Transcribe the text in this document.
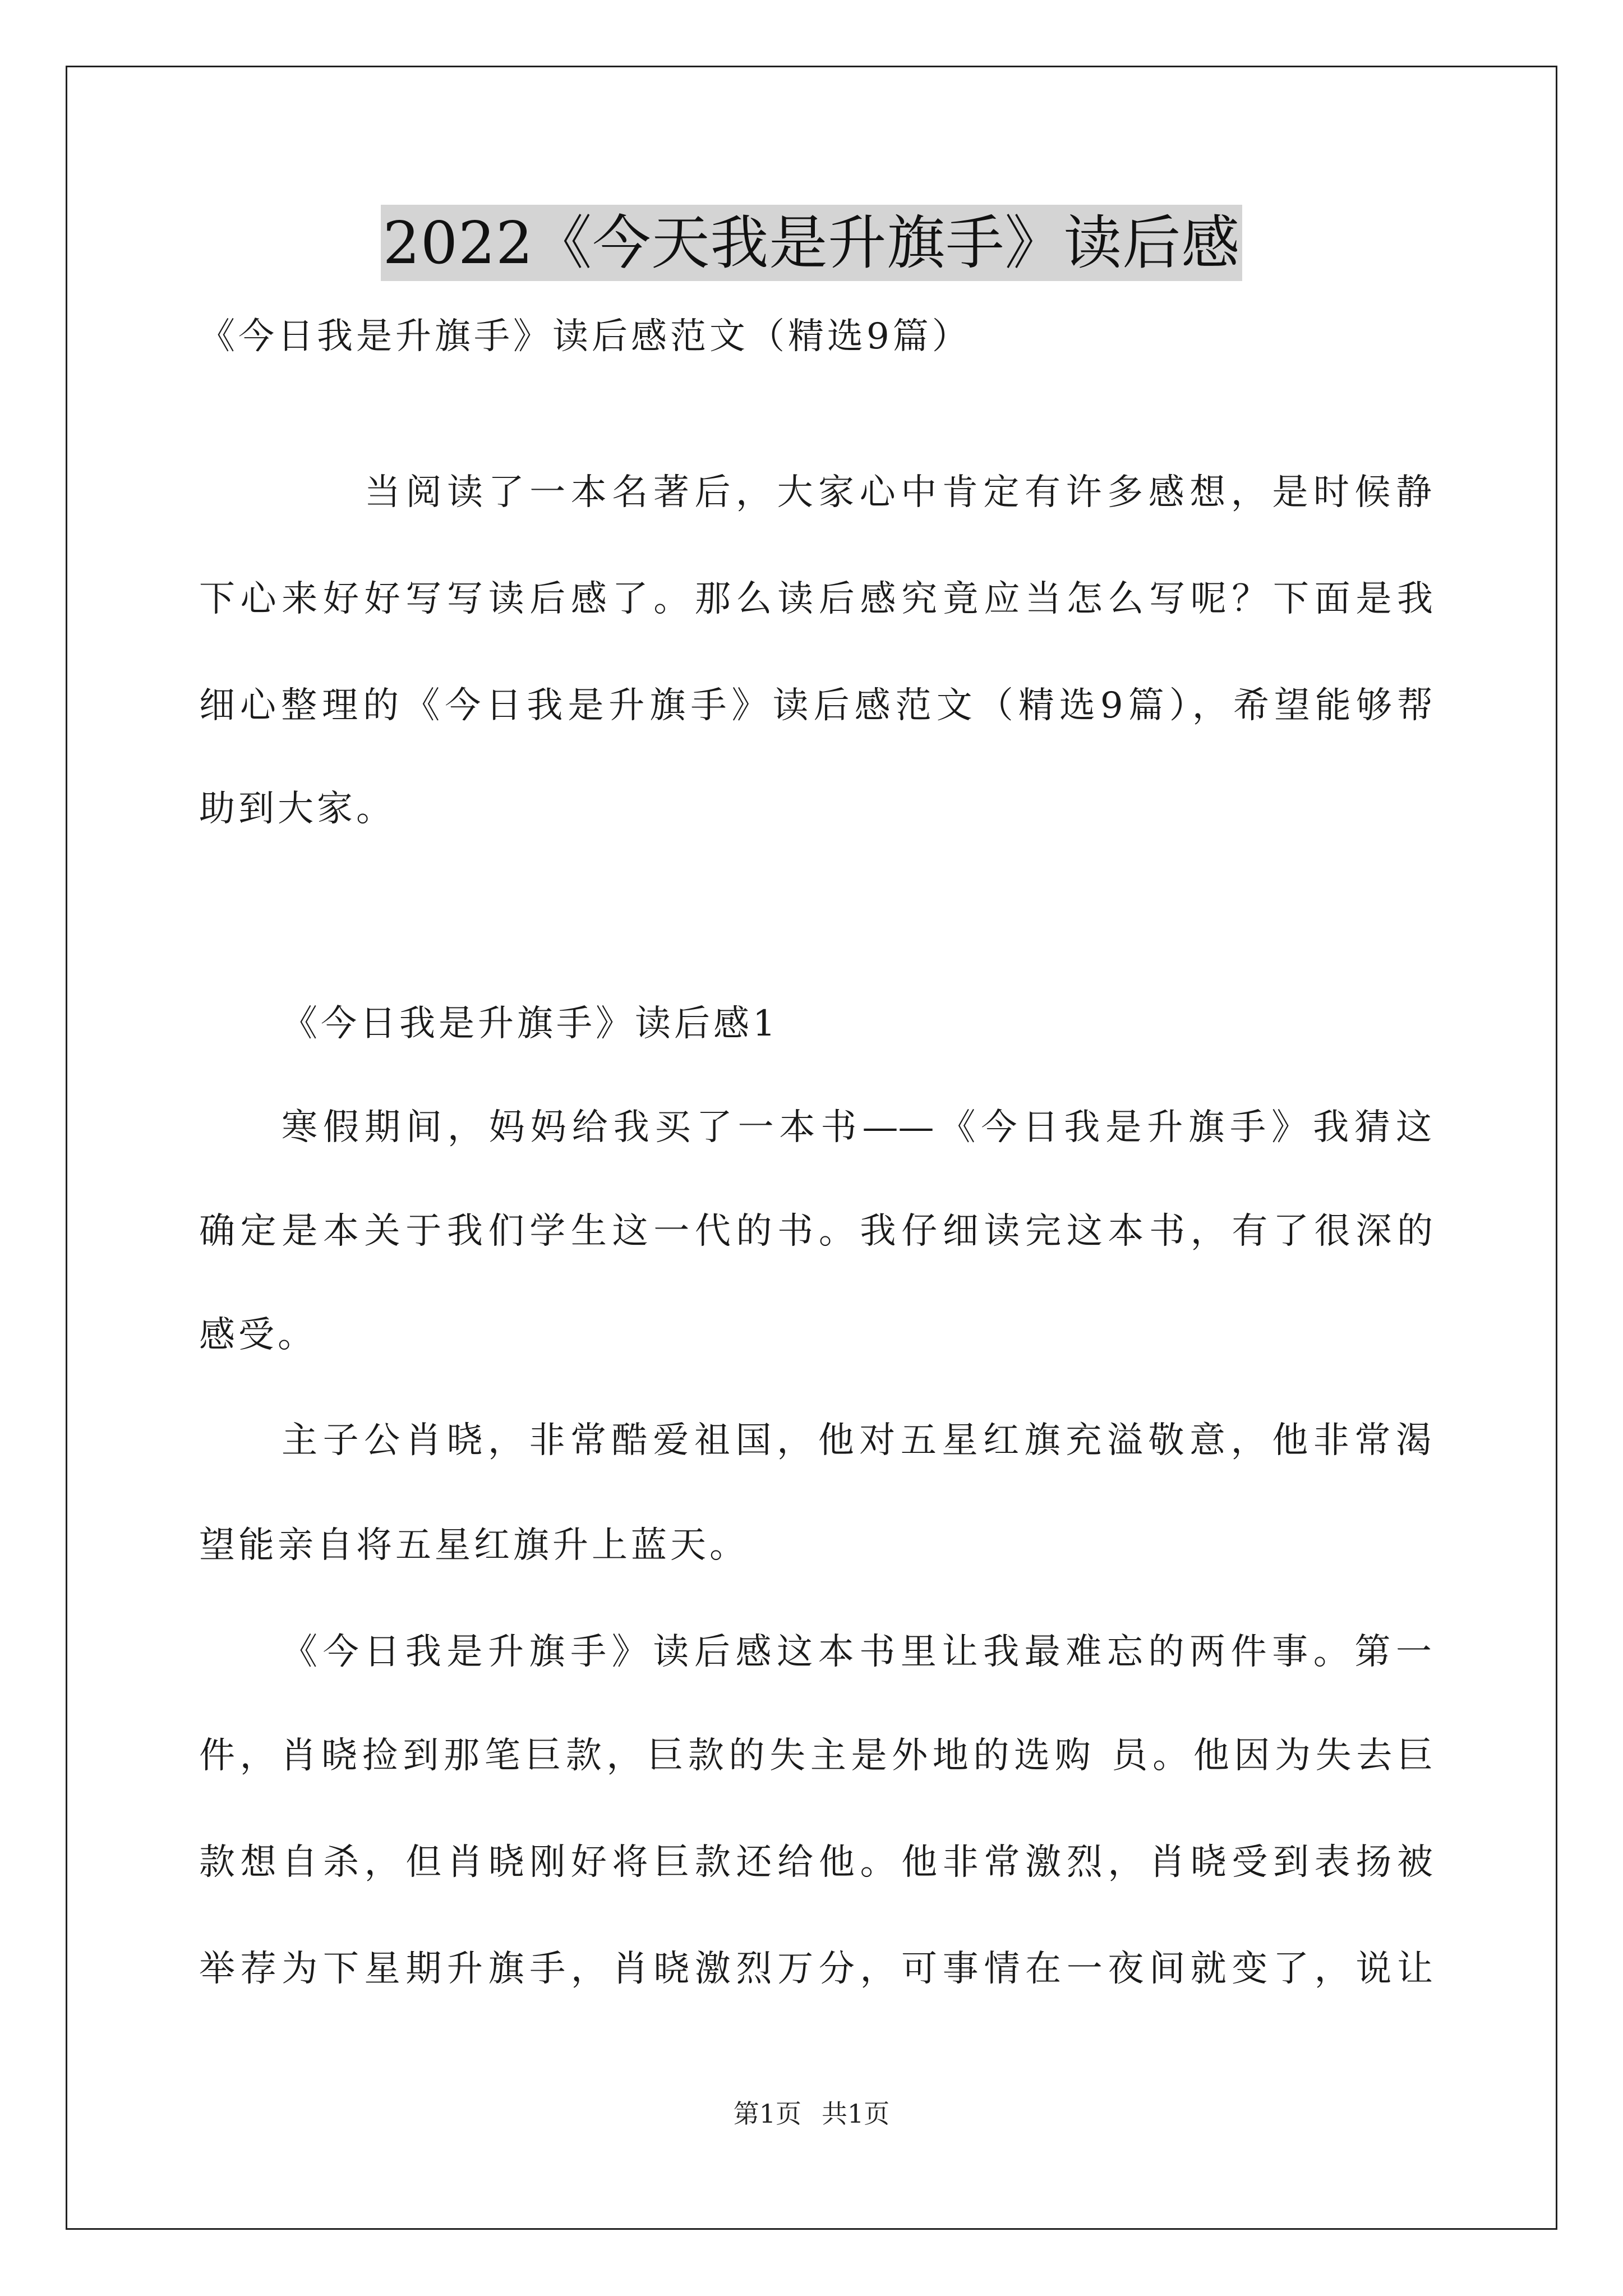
2022《今天我是升旗手》读后感
《今日我是升旗手》读后感范文（精选9篇）
当阅读了一本名著后，大家心中肯定有许多感想，是时候静
下心来好好写写读后感了。那么读后感究竟应当怎么写呢？下面是我
细心整理的《今日我是升旗手》读后感范文（精选9篇），希望能够帮
助到大家。
《今日我是升旗手》读后感1
寒假期间，妈妈给我买了一本书——《今日我是升旗手》我猜这
确定是本关于我们学生这一代的书。我仔细读完这本书，有了很深的
感受。
主子公肖晓，非常酷爱祖国，他对五星红旗充溢敬意，他非常渴
望能亲自将五星红旗升上蓝天。
《今日我是升旗手》读后感这本书里让我最难忘的两件事。第一
件，肖晓捡到那笔巨款，巨款的失主是外地的选购 员。他因为失去巨
款想自杀，但肖晓刚好将巨款还给他。他非常激烈，肖晓受到表扬被
举荐为下星期升旗手，肖晓激烈万分，可事情在一夜间就变了，说让
第1页 共1页
